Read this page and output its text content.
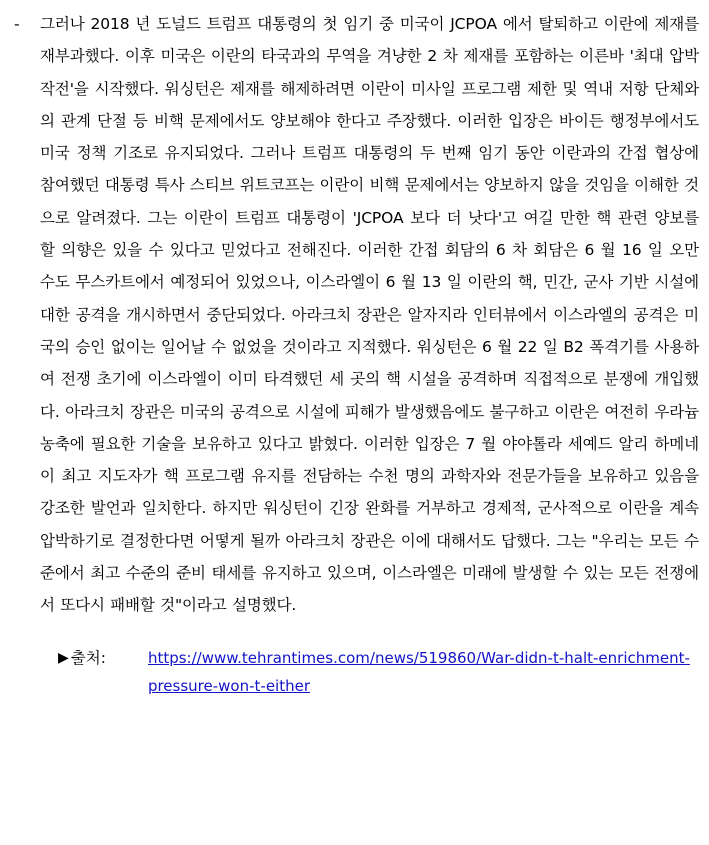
-	그러나 2018 년 도널드 트럼프 대통령의 첫 임기 중 미국이 JCPOA 에서 탈퇴하고 이란에 제재를 재부과했다. 이후 미국은 이란의 타국과의 무역을 겨냥한 2 차 제재를 포함하는 이른바 '최대 압박 작전'을 시작했다. 워싱턴은 제재를 해제하려면 이란이 미사일 프로그램 제한 및 역내 저항 단체와의 관계 단절 등 비핵 문제에서도 양보해야 한다고 주장했다. 이러한 입장은 바이든 행정부에서도 미국 정책 기조로 유지되었다. 그러나 트럼프 대통령의 두 번째 임기 동안 이란과의 간접 협상에 참여했던 대통령 특사 스티브 위트코프는 이란이 비핵 문제에서는 양보하지 않을 것임을 이해한 것으로 알려졌다. 그는 이란이 트럼프 대통령이 'JCPOA 보다 더 낫다'고 여길 만한 핵 관련 양보를 할 의향은 있을 수 있다고 믿었다고 전해진다. 이러한 간접 회담의 6 차 회담은 6 월 16 일 오만 수도 무스카트에서 예정되어 있었으나, 이스라엘이 6 월 13 일 이란의 핵, 민간, 군사 기반 시설에 대한 공격을 개시하면서 중단되었다. 아라크치 장관은 알자지라 인터뷰에서 이스라엘의 공격은 미국의 승인 없이는 일어날 수 없었을 것이라고 지적했다. 워싱턴은 6 월 22 일 B2 폭격기를 사용하여 전쟁 초기에 이스라엘이 이미 타격했던 세 곳의 핵 시설을 공격하며 직접적으로 분쟁에 개입했다. 아라크치 장관은 미국의 공격으로 시설에 피해가 발생했음에도 불구하고 이란은 여전히 우라늄 농축에 필요한 기술을 보유하고 있다고 밝혔다. 이러한 입장은 7 월 야야톨라 세예드 알리 하메네이 최고 지도자가 핵 프로그램 유지를 전담하는 수천 명의 과학자와 전문가들을 보유하고 있음을 강조한 발언과 일치한다. 하지만 워싱턴이 긴장 완화를 거부하고 경제적, 군사적으로 이란을 계속 압박하기로 결정한다면 어떻게 될까 아라크치 장관은 이에 대해서도 답했다. 그는 "우리는 모든 수준에서 최고 수준의 준비 태세를 유지하고 있으며, 이스라엘은 미래에 발생할 수 있는 모든 전쟁에서 또다시 패배할 것"이라고 설명했다.
▶ 출처:	https://www.tehrantimes.com/news/519860/War-didn-t-halt-enrichment-pressure-won-t-either
